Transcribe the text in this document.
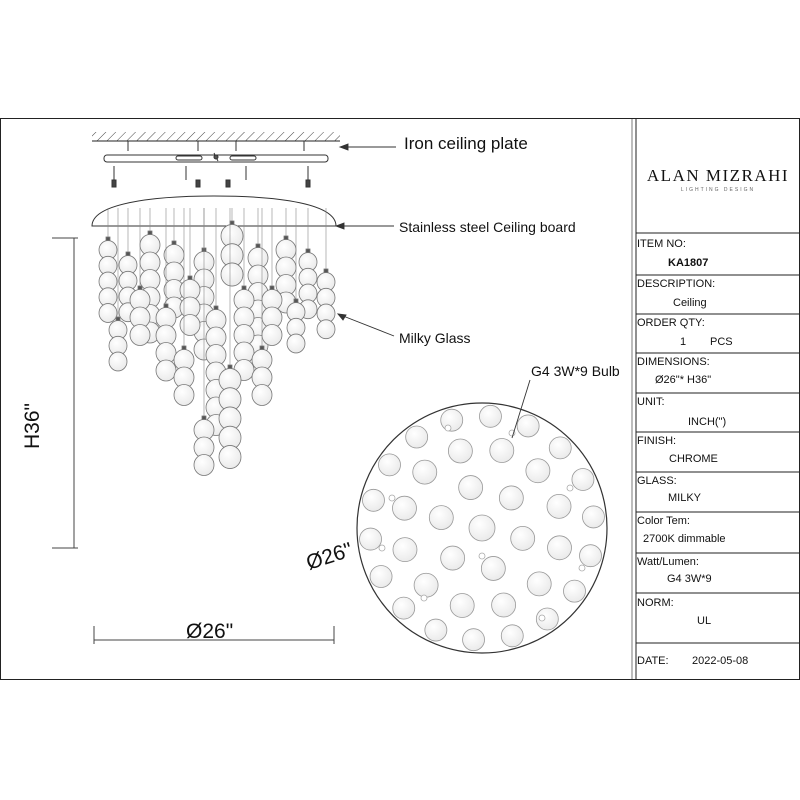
Iron ceiling plate
Stainless steel Ceiling board
Milky Glass
G4 3W*9 Bulb
H36"
Ø26"
Ø26"
ALAN MIZRAHI
LIGHTING DESIGN
ITEM NO:
KA1807
DESCRIPTION:
Ceiling
ORDER QTY:
1 PCS
DIMENSIONS:
Ø26"* H36"
UNIT:
INCH(")
FINISH:
CHROME
GLASS:
MILKY
Color Tem:
2700K dimmable
Watt/Lumen:
G4 3W*9
NORM:
UL
DATE: 2022-05-08
